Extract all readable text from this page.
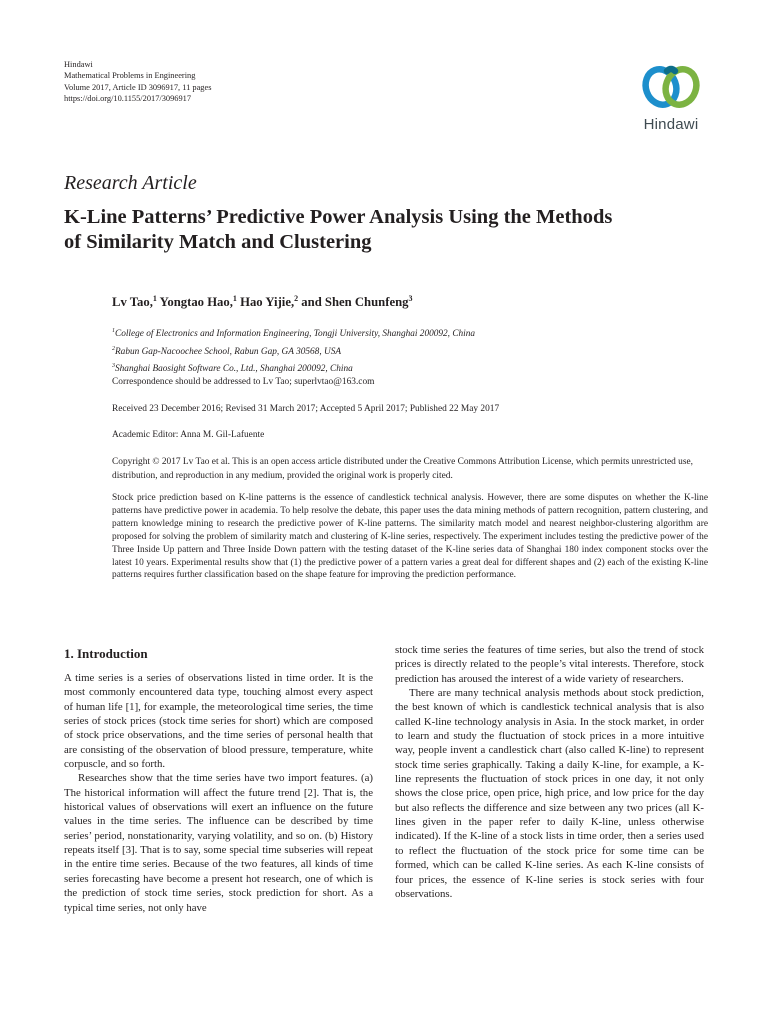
Hindawi
Mathematical Problems in Engineering
Volume 2017, Article ID 3096917, 11 pages
https://doi.org/10.1155/2017/3096917
Hindawi
Research Article
K-Line Patterns’ Predictive Power Analysis Using the Methods of Similarity Match and Clustering
Lv Tao,$^1$ Yongtao Hao,$^1$ Hao Yijie,$^2$ and Shen Chunfeng$^3$
$^1$College of Electronics and Information Engineering, Tongji University, Shanghai 200092, China
$^2$Rabun Gap-Nacoochee School, Rabun Gap, GA 30568, USA
$^3$Shanghai Baosight Software Co., Ltd., Shanghai 200092, China
Correspondence should be addressed to Lv Tao; superlvtao@163.com
Received 23 December 2016; Revised 31 March 2017; Accepted 5 April 2017; Published 22 May 2017
Academic Editor: Anna M. Gil-Lafuente
Copyright © 2017 Lv Tao et al. This is an open access article distributed under the Creative Commons Attribution License, which permits unrestricted use, distribution, and reproduction in any medium, provided the original work is properly cited.
Stock price prediction based on K-line patterns is the essence of candlestick technical analysis. However, there are some disputes on whether the K-line patterns have predictive power in academia. To help resolve the debate, this paper uses the data mining methods of pattern recognition, pattern clustering, and pattern knowledge mining to research the predictive power of K-line patterns. The similarity match model and nearest neighbor-clustering algorithm are proposed for solving the problem of similarity match and clustering of K-line series, respectively. The experiment includes testing the predictive power of the Three Inside Up pattern and Three Inside Down pattern with the testing dataset of the K-line series data of Shanghai 180 index component stocks over the latest 10 years. Experimental results show that (1) the predictive power of a pattern varies a great deal for different shapes and (2) each of the existing K-line patterns requires further classification based on the shape feature for improving the prediction performance.
1. Introduction

A time series is a series of observations listed in time order. It is the most commonly encountered data type, touching almost every aspect of human life [1], for example, the meteorological time series, the time series of stock prices (stock time series for short) which are composed of stock price observations, and the time series of personal health that are consisting of the observation of blood pressure, temperature, white corpuscle, and so forth.

Researches show that the time series have two import features. (a) The historical information will affect the future trend [2]. That is, the historical values of observations will exert an influence on the future values in the time series. The influence can be described by time series’ period, nonstationarity, varying volatility, and so on. (b) History repeats itself [3]. That is to say, some special time subseries will repeat in the entire time series. Because of the two features, all kinds of time series forecasting have become a present hot research, one of which is the prediction of stock time series, stock prediction for short. As a typical time series, not only have

stock time series the features of time series, but also the trend of stock prices is directly related to the people’s vital interests. Therefore, stock prediction has aroused the interest of a wide variety of researchers.

There are many technical analysis methods about stock prediction, the best known of which is candlestick technical analysis that is also called K-line technology analysis in Asia. In the stock market, in order to learn and study the fluctuation of stock prices in a more intuitive way, people invent a candlestick chart (also called K-line) to represent stock time series graphically. Taking a daily K-line, for example, a K-line represents the fluctuation of stock prices in one day, it not only shows the close price, open price, high price, and low price for the day but also reflects the difference and size between any two prices (all K-lines given in the paper refer to daily K-line, unless otherwise indicated). If the K-line of a stock lists in time order, then a series used to reflect the fluctuation of the stock price for some time can be formed, which can be called K-line series. As each K-line consists of four prices, the essence of K-line series is stock series with four observations.
